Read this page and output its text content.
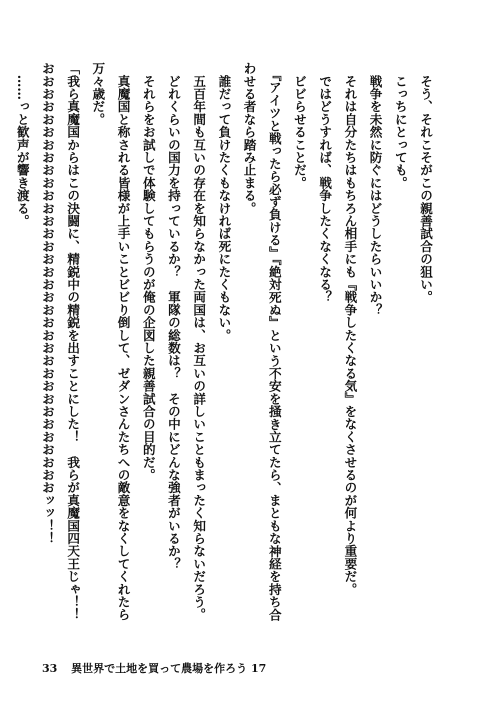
　そう、それこそがこの親善試合の狙い。
　こっちにとっても。
　戦争を未然に防ぐにはどうしたらいいか？
　それは自分たちはもちろん相手にも『戦争したくなる気』をなくさせるのが何より重要だ。
　ではどうすれば、戦争したくなくなる？
　ビビらせることだ。
　『アイツと戦ったら必ず負ける』『絶対死ぬ』という不安を掻き立てたら、まともな神経を持ち合
わせる者なら踏み止まる。
　誰だって負けたくもなければ死にたくもない。
　五百年間も互いの存在を知らなかった両国は、お互いの詳しいこともまったく知らないだろう。
　どれくらいの国力を持っているか？　軍隊の総数は？　その中にどんな強者がいるか？
　それらをお試しで体験してもらうのが俺の企図した親善試合の目的だ。
　真魔国と称される皆様が上手いことビビり倒して、ゼダンさんたちへの敵意をなくしてくれたら
万々歳だ。
「我ら真魔国からはこの決闘に、精鋭中の精鋭を出すことにした！　我らが真魔国四天王じゃ！！
おおおおおおおおおおおおおおおおおおおおおおおおおおおおおおおおおおッッ！！
　……っと歓声が響き渡る。
33 異世界で土地を買って農場を作ろう 17
